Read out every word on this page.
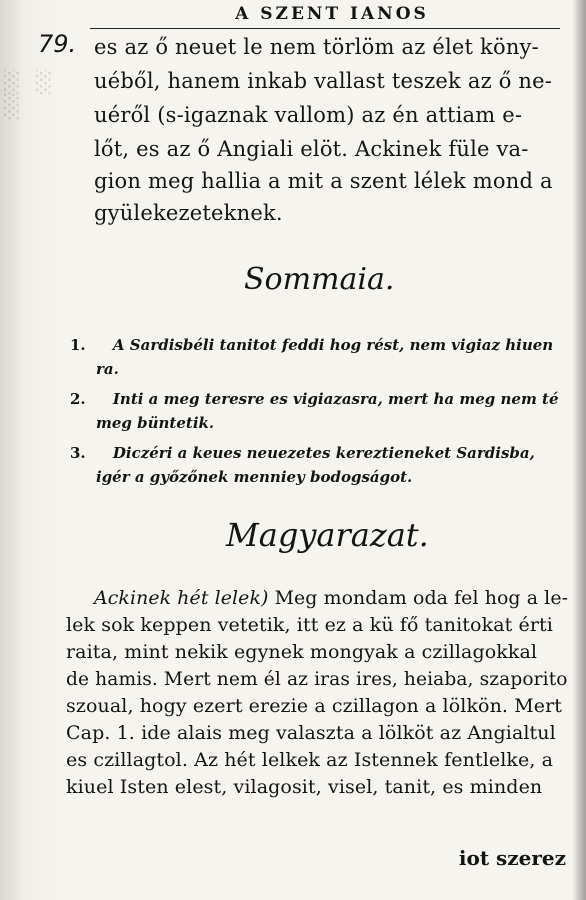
░ ░ ░
A SZENT IANOS
79. es az ő neuet le nem törlöm az élet köny-
uéből, hanem inkab vallast teszek az ő ne-
uéről (s-igaznak vallom) az én attiam e-
lőt, es az ő Angiali elöt. Ackinek füle va-
gion meg hallia a mit a szent lélek mond a
gyülekezeteknek.
Sommaia.
1. A Sardisbéli tanitot feddi hog rést, nem vigiaz hiuen
ra.
2. Inti a meg teresre es vigiazasra, mert ha meg nem té
meg büntetik.
3. Diczéri a keues neuezetes kereztieneket Sardisba,
igér a győzőnek menniey bodogságot.
Magyarazat.
Ackinek hét lelek) Meg mondam oda fel hog a le-
lek sok keppen vetetik, itt ez a kü fő tanitokat érti
raita, mint nekik egynek mongyak a czillagokkal
de hamis. Mert nem él az iras ires, heiaba, szaporito
szoual, hogy ezert erezie a czillagon a lölkön. Mert
Cap. 1. ide alais meg valaszta a lölköt az Angialtul
es czillagtol. Az hét lelkek az Istennek fentlelke, a
kiuel Isten elest, vilagosit, visel, tanit, es minden
iot szerez
